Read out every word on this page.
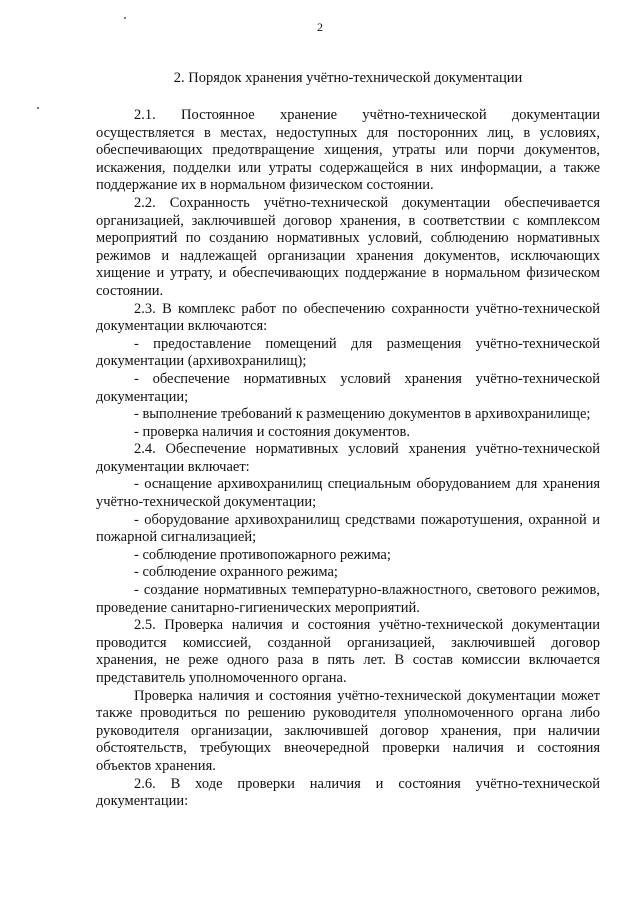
2
2. Порядок хранения учётно-технической документации

2.1. Постоянное хранение учётно-технической документации осуществляется в местах, недоступных для посторонних лиц, в условиях, обеспечивающих предотвращение хищения, утраты или порчи документов, искажения, подделки или утраты содержащейся в них информации, а также поддержание их в нормальном физическом состоянии.

2.2. Сохранность учётно-технической документации обеспечивается организацией, заключившей договор хранения, в соответствии с комплексом мероприятий по созданию нормативных условий, соблюдению нормативных режимов и надлежащей организации хранения документов, исключающих хищение и утрату, и обеспечивающих поддержание в нормальном физическом состоянии.

2.3. В комплекс работ по обеспечению сохранности учётно-технической документации включаются:

- предоставление помещений для размещения учётно-технической документации (архивохранилищ);

- обеспечение нормативных условий хранения учётно-технической документации;

- выполнение требований к размещению документов в архивохранилище;

- проверка наличия и состояния документов.

2.4. Обеспечение нормативных условий хранения учётно-технической документации включает:

- оснащение архивохранилищ специальным оборудованием для хранения учётно-технической документации;

- оборудование архивохранилищ средствами пожаротушения, охранной и пожарной сигнализацией;

- соблюдение противопожарного режима;

- соблюдение охранного режима;

- создание нормативных температурно-влажностного, светового режимов, проведение санитарно-гигиенических мероприятий.

2.5. Проверка наличия и состояния учётно-технической документации проводится комиссией, созданной организацией, заключившей договор хранения, не реже одного раза в пять лет. В состав комиссии включается представитель уполномоченного органа.

Проверка наличия и состояния учётно-технической документации может также проводиться по решению руководителя уполномоченного органа либо руководителя организации, заключившей договор хранения, при наличии обстоятельств, требующих внеочередной проверки наличия и состояния объектов хранения.

2.6. В ходе проверки наличия и состояния учётно-технической документации:
